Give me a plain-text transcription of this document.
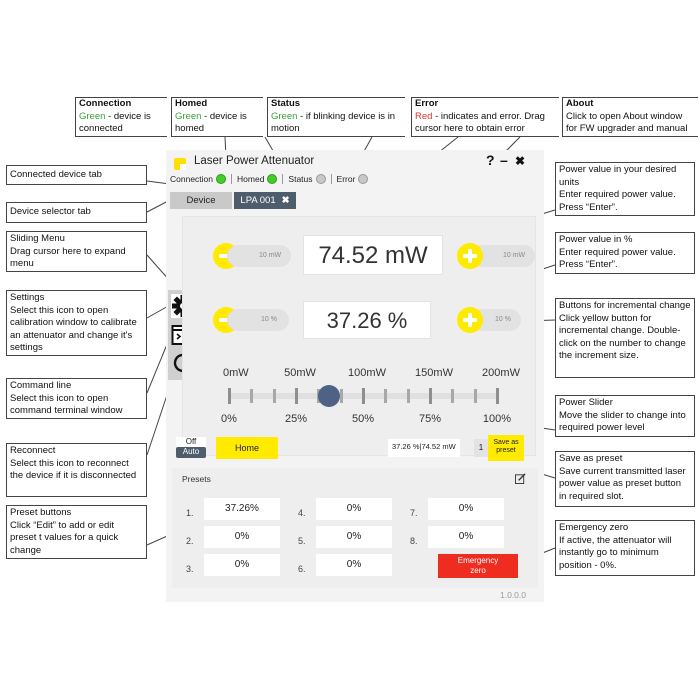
Connection
Green - device is connected
Homed
Green - device is homed
Status
Green - if blinking device is in motion
Error
Red - indicates and error. Drag cursor here to obtain error
About
Click to open About window for FW upgrader and manual
Connected device tab
Device selector tab
Sliding Menu
Drag cursor here to expand menu
Settings
Select this icon to open calibration window to calibrate an attenuator and change it's settings
Command line
Select this icon to open command terminal window
Reconnect
Select this icon to reconnect the device if it is disconnected
Preset buttons
Click “Edit” to add or edit preset t values for a quick change
Power value in your desired units
Enter required power value. Press “Enter”.
Power value in %
Enter required power value. Press “Enter”.
Buttons for incremental change
Click yellow button for incremental change. Double-click on the number to change the increment size.
Power Slider
Move the slider to change into required power level
Save as preset
Save current transmitted laser power value as preset button in required slot.
Emergency zero
If active, the attenuator will instantly go to minimum position - 0%.
Laser Power Attenuator	? – ✖
Connection	Homed	Status	Error
Device	LPA 001 ✖
10 mW	74.52 mW	10 mW
10 %	37.26 %	10 %
0mW
0%
50mW
25%
100mW
50%
150mW
75%
200mW
100%
Off
Auto	Home	37.26 %|74.52 mW	1
Save as
preset
Presets
1.	37.26%
2.	0%
3.	0%
4.	0%
5.	0%
6.	0%
7.	0%
8.	0%
Emergency
zero
1.0.0.0
